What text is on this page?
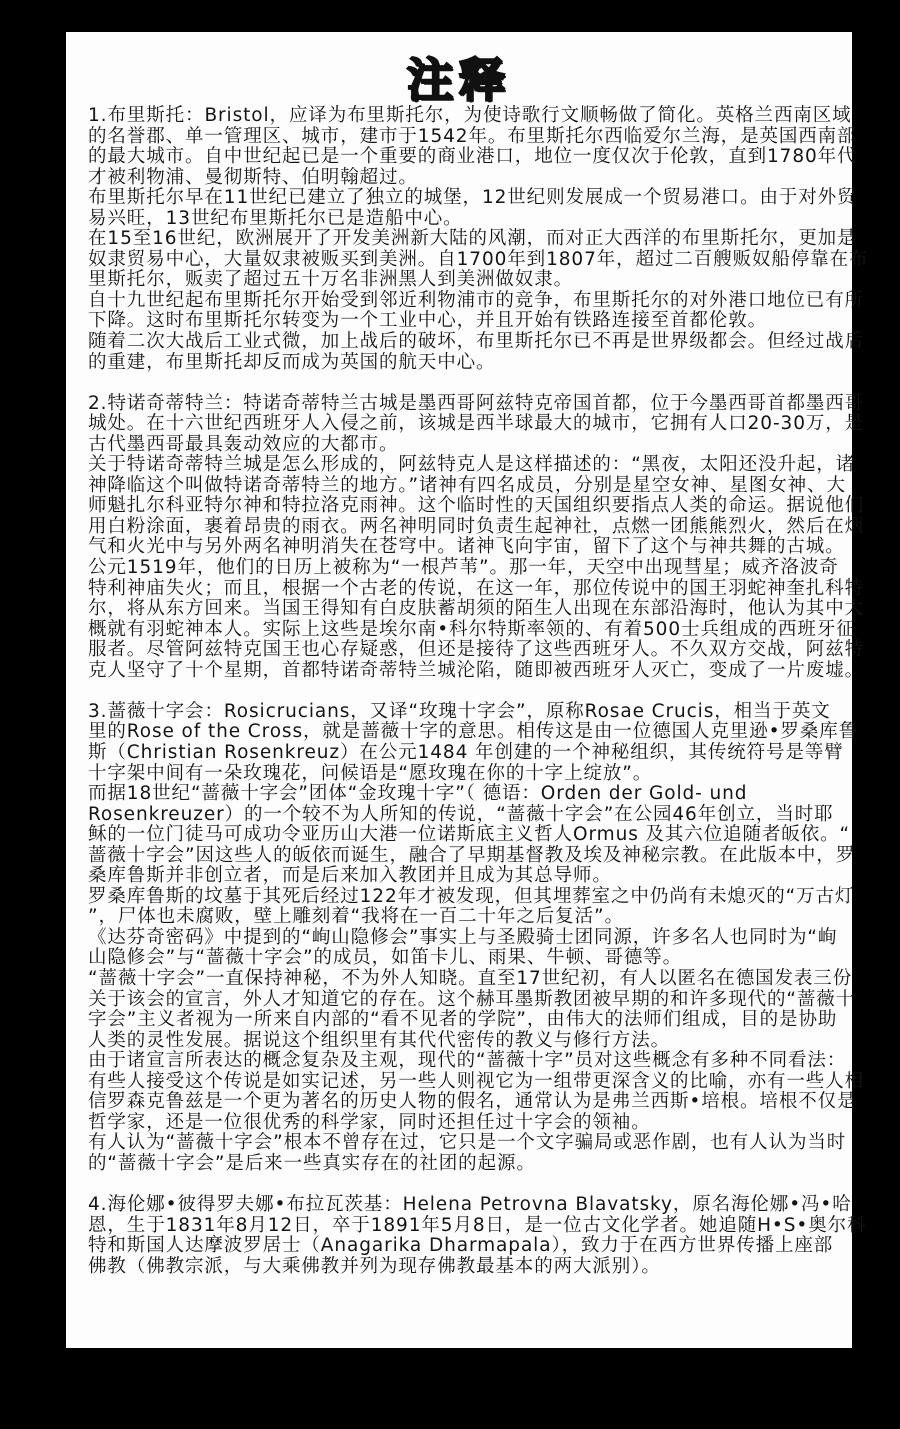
注释
1.布里斯托：Bristol，应译为布里斯托尔，为使诗歌行文顺畅做了简化。英格兰西南区域
的名誉郡、单一管理区、城市，建市于1542年。布里斯托尔西临爱尔兰海，是英国西南部
的最大城市。自中世纪起已是一个重要的商业港口，地位一度仅次于伦敦，直到1780年代
才被利物浦、曼彻斯特、伯明翰超过。
布里斯托尔早在11世纪已建立了独立的城堡，12世纪则发展成一个贸易港口。由于对外贸
易兴旺，13世纪布里斯托尔已是造船中心。
在15至16世纪，欧洲展开了开发美洲新大陆的风潮，而对正大西洋的布里斯托尔，更加是
奴隶贸易中心，大量奴隶被贩买到美洲。自1700年到1807年，超过二百艘贩奴船停靠在布
里斯托尔，贩卖了超过五十万名非洲黑人到美洲做奴隶。
自十九世纪起布里斯托尔开始受到邻近利物浦市的竞争，布里斯托尔的对外港口地位已有所
下降。这时布里斯托尔转变为一个工业中心，并且开始有铁路连接至首都伦敦。
随着二次大战后工业式微，加上战后的破坏，布里斯托尔已不再是世界级都会。但经过战后
的重建，布里斯托却反而成为英国的航天中心。
2.特诺奇蒂特兰：特诺奇蒂特兰古城是墨西哥阿兹特克帝国首都，位于今墨西哥首都墨西哥
城处。在十六世纪西班牙人入侵之前，该城是西半球最大的城市，它拥有人口20-30万，是
古代墨西哥最具轰动效应的大都市。
关于特诺奇蒂特兰城是怎么形成的，阿兹特克人是这样描述的：“黑夜，太阳还没升起，诸
神降临这个叫做特诺奇蒂特兰的地方。”诸神有四名成员，分别是星空女神、星图女神、大
师魁扎尔科亚特尔神和特拉洛克雨神。这个临时性的天国组织要指点人类的命运。据说他们
用白粉涂面，裹着昂贵的雨衣。两名神明同时负责生起神社，点燃一团熊熊烈火，然后在烟
气和火光中与另外两名神明消失在苍穹中。诸神飞向宇宙，留下了这个与神共舞的古城。
公元1519年，他们的日历上被称为“一根芦苇”。那一年，天空中出现彗星；威齐洛波奇
特利神庙失火；而且，根据一个古老的传说，在这一年，那位传说中的国王羽蛇神奎扎科特
尔，将从东方回来。当国王得知有白皮肤蓄胡须的陌生人出现在东部沿海时，他认为其中大
概就有羽蛇神本人。实际上这些是埃尔南•科尔特斯率领的、有着500士兵组成的西班牙征
服者。尽管阿兹特克国王也心存疑惑，但还是接待了这些西班牙人。不久双方交战，阿兹特
克人坚守了十个星期，首都特诺奇蒂特兰城沦陷，随即被西班牙人灭亡，变成了一片废墟。
3.蔷薇十字会：Rosicrucians，又译“玫瑰十字会”，原称Rosae Crucis，相当于英文
里的Rose of the Cross，就是蔷薇十字的意思。相传这是由一位德国人克里逊•罗桑库鲁
斯（Christian Rosenkreuz）在公元1484 年创建的一个神秘组织，其传统符号是等臂
十字架中间有一朵玫瑰花，问候语是“愿玫瑰在你的十字上绽放”。
而据18世纪“蔷薇十字会”团体“金玫瑰十字”（ 德语：Orden der Gold- und
Rosenkreuzer）的一个较不为人所知的传说，“蔷薇十字会”在公园46年创立，当时耶
稣的一位门徒马可成功令亚历山大港一位诺斯底主义哲人Ormus 及其六位追随者皈依。“
蔷薇十字会”因这些人的皈依而诞生，融合了早期基督教及埃及神秘宗教。在此版本中，罗
桑库鲁斯并非创立者，而是后来加入教团并且成为其总导师。
罗桑库鲁斯的坟墓于其死后经过122年才被发现，但其埋葬室之中仍尚有未熄灭的“万古灯
”，尸体也未腐败，壁上雕刻着“我将在一百二十年之后复活”。
《达芬奇密码》中提到的“峋山隐修会”事实上与圣殿骑士团同源，许多名人也同时为“峋
山隐修会”与“蔷薇十字会”的成员，如笛卡儿、雨果、牛顿、哥德等。
“蔷薇十字会”一直保持神秘，不为外人知晓。直至17世纪初，有人以匿名在德国发表三份
关于该会的宣言，外人才知道它的存在。这个赫耳墨斯教团被早期的和许多现代的“蔷薇十
字会”主义者视为一所来自内部的“看不见者的学院”，由伟大的法师们组成，目的是协助
人类的灵性发展。据说这个组织里有其代代密传的教义与修行方法。
由于诸宣言所表达的概念复杂及主观，现代的“蔷薇十字”员对这些概念有多种不同看法：
有些人接受这个传说是如实记述，另一些人则视它为一组带更深含义的比喻，亦有一些人相
信罗森克鲁兹是一个更为著名的历史人物的假名，通常认为是弗兰西斯•培根。培根不仅是
哲学家，还是一位很优秀的科学家，同时还担任过十字会的领袖。
有人认为“蔷薇十字会”根本不曾存在过，它只是一个文字骗局或恶作剧，也有人认为当时
的“蔷薇十字会”是后来一些真实存在的社团的起源。
4.海伦娜•彼得罗夫娜•布拉瓦茨基：Helena Petrovna Blavatsky，原名海伦娜•冯•哈
恩，生于1831年8月12日，卒于1891年5月8日，是一位古文化学者。她追随H•S•奥尔科
特和斯国人达摩波罗居士（Anagarika Dharmapala），致力于在西方世界传播上座部
佛教（佛教宗派，与大乘佛教并列为现存佛教最基本的两大派别）。
